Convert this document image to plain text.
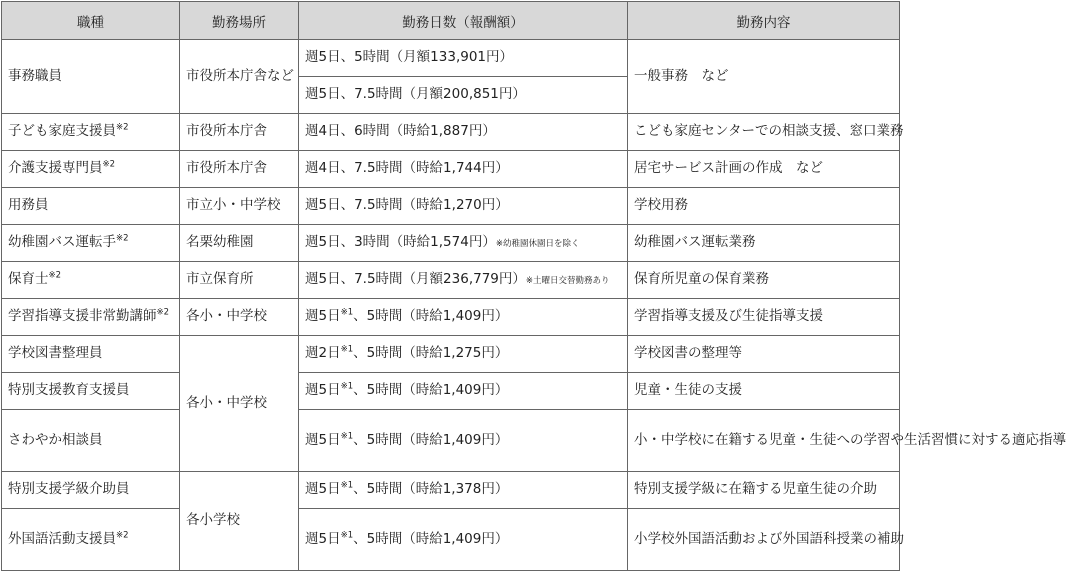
職種	勤務場所	勤務日数（報酬額）	勤務内容
事務職員	市役所本庁舎など	週5日、5時間（月額133,901円）	一般事務　など
		週5日、7.5時間（月額200,851円）	
子ども家庭支援員$^{※2}$	市役所本庁舎	週4日、6時間（時給1,887円）	こども家庭センターでの相談支援、窓口業務
介護支援専門員$^{※2}$	市役所本庁舎	週4日、7.5時間（時給1,744円）	居宅サービス計画の作成　など
用務員	市立小・中学校	週5日、7.5時間（時給1,270円）	学校用務
幼稚園バス運転手$^{※2}$	名栗幼稚園	週5日、3時間（時給1,574円）※幼稚園休園日を除く	幼稚園バス運転業務
保育士$^{※2}$	市立保育所	週5日、7.5時間（月額236,779円）※土曜日交替勤務あり	保育所児童の保育業務
学習指導支援非常勤講師$^{※2}$	各小・中学校	週5日$^{※1}$、5時間（時給1,409円）	学習指導支援及び生徒指導支援
学校図書整理員	各小・中学校	週2日$^{※1}$、5時間（時給1,275円）	学校図書の整理等
特別支援教育支援員		週5日$^{※1}$、5時間（時給1,409円）	児童・生徒の支援
さわやか相談員		週5日$^{※1}$、5時間（時給1,409円）	小・中学校に在籍する児童・生徒への学習や生活習慣に対する適応指導
特別支援学級介助員	各小学校	週5日$^{※1}$、5時間（時給1,378円）	特別支援学級に在籍する児童生徒の介助
外国語活動支援員$^{※2}$		週5日$^{※1}$、5時間（時給1,409円）	小学校外国語活動および外国語科授業の補助
